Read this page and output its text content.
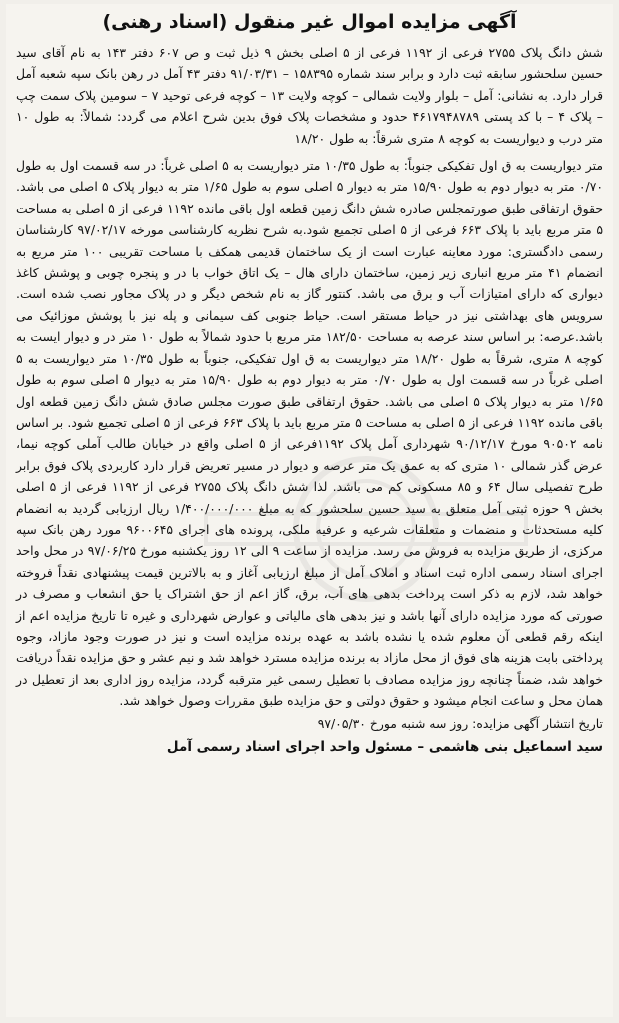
آگهی مزایده اموال غیر منقول (اسناد رهنی)

شش دانگ پلاک ۲۷۵۵ فرعی از ۱۱۹۲ فرعی از ۵ اصلی بخش ۹ ذیل ثبت و ص ۶۰۷ دفتر ۱۴۳ به نام آقای سید حسین سلحشور سابقه ثبت دارد و برابر سند شماره ۱۵۸۳۹۵ – ۹۱/۰۳/۳۱ دفتر ۴۳ آمل در رهن بانک سپه شعبه آمل قرار دارد. به نشانی: آمل – بلوار ولایت شمالی – کوچه ولایت ۱۳ – کوچه فرعی توحید ۷ – سومین پلاک سمت چپ – پلاک ۴ – با کد پستی ۴۶۱۷۹۴۸۷۸۹ حدود و مشخصات پلاک فوق بدین شرح اعلام می گردد: شمالاً: به طول ۱۰ متر درب و دیواریست به کوچه ۸ متری شرقاً: به طول ۱۸/۲۰

متر دیواریست به ق اول تفکیکی جنوباً: به طول ۱۰/۳۵ متر دیواریست به ۵ اصلی غرباً: در سه قسمت اول به طول ۰/۷۰ متر به دیوار دوم به طول ۱۵/۹۰ متر به دیوار ۵ اصلی سوم به طول ۱/۶۵ متر به دیوار پلاک ۵ اصلی می باشد. حقوق ارتفاقی طبق صورتمجلس صادره شش دانگ زمین قطعه اول باقی مانده ۱۱۹۲ فرعی از ۵ اصلی به مساحت ۵ متر مربع باید با پلاک ۶۶۳ فرعی از ۵ اصلی تجمیع شود.به شرح نظریه کارشناسی مورخه ۹۷/۰۲/۱۷ کارشناسان رسمی دادگستری: مورد معاینه عبارت است از یک ساختمان قدیمی همکف با مساحت تقریبی ۱۰۰ متر مربع به انضمام ۴۱ متر مربع انباری زیر زمین، ساختمان دارای هال – یک اتاق خواب با در و پنجره چوبی و پوشش کاغذ دیواری که دارای امتیازات آب و برق می باشد. کنتور گاز به نام شخص دیگر و در پلاک مجاور نصب شده است. سرویس های بهداشتی نیز در حیاط مستقر است. حیاط جنوبی کف سیمانی و پله نیز با پوشش موزائیک می باشد.عرصه: بر اساس سند عرصه به مساحت ۱۸۲/۵۰ متر مربع با حدود شمالاً به طول ۱۰ متر در و دیوار ایست به کوچه ۸ متری، شرقاً به طول ۱۸/۲۰ متر دیواریست به ق اول تفکیکی، جنوباً به طول ۱۰/۳۵ متر دیواریست به ۵ اصلی غرباً در سه قسمت اول به طول ۰/۷۰ متر به دیوار دوم به طول ۱۵/۹۰ متر به دیوار ۵ اصلی سوم به طول ۱/۶۵ متر به دیوار پلاک ۵ اصلی می باشد. حقوق ارتفاقی طبق صورت مجلس صادق شش دانگ زمین قطعه اول باقی مانده ۱۱۹۲ فرعی از ۵ اصلی به مساحت ۵ متر مربع باید با پلاک ۶۶۳ فرعی از ۵ اصلی تجمیع شود. بر اساس نامه ۹۰۵۰۲ مورخ ۹۰/۱۲/۱۷ شهرداری آمل پلاک ۱۱۹۲فرعی از ۵ اصلی واقع در خیابان طالب آملی کوچه نیما، عرض گذر شمالی ۱۰ متری که به عمق یک متر عرصه و دیوار در مسیر تعریض قرار دارد کاربردی پلاک فوق برابر طرح تفصیلی سال ۶۴ و ۸۵ مسکونی کم می باشد. لذا شش دانگ پلاک ۲۷۵۵ فرعی از ۱۱۹۲ فرعی از ۵ اصلی بخش ۹ حوزه ثبتی آمل متعلق به سید حسین سلحشور که به مبلغ ۱/۴۰۰/۰۰۰/۰۰۰ ریال ارزیابی گردید به انضمام کلیه مستحدثات و منضمات و متعلقات شرعیه و عرفیه ملکی، پرونده های اجرای ۹۶۰۰۶۴۵ مورد رهن بانک سپه مرکزی، از طریق مزایده به فروش می رسد. مزایده از ساعت ۹ الی ۱۲ روز یکشنبه مورخ ۹۷/۰۶/۲۵ در محل واحد اجرای اسناد رسمی اداره ثبت اسناد و املاک آمل از مبلغ ارزیابی آغاز و به بالاترین قیمت پیشنهادی نقداً فروخته خواهد شد، لازم به ذکر است پرداخت بدهی های آب، برق، گاز اعم از حق اشتراک یا حق انشعاب و مصرف در صورتی که مورد مزایده دارای آنها باشد و نیز بدهی های مالیاتی و عوارض شهرداری و غیره تا تاریخ مزایده اعم از اینکه رقم قطعی آن معلوم شده یا نشده باشد به عهده برنده مزایده است و نیز در صورت وجود مازاد، وجوه پرداختی بابت هزینه های فوق از محل مازاد به برنده مزایده مسترد خواهد شد و نیم عشر و حق مزایده نقداً دریافت خواهد شد، ضمناً چنانچه روز مزایده مصادف با تعطیل رسمی غیر مترقبه گردد، مزایده روز اداری بعد از تعطیل در همان محل و ساعت انجام میشود و حقوق دولتی و حق مزایده طبق مقررات وصول خواهد شد.

تاریخ انتشار آگهی مزایده: روز سه شنبه مورخ ۹۷/۰۵/۳۰

سید اسماعیل بنی هاشمی – مسئول واحد اجرای اسناد رسمی آمل
